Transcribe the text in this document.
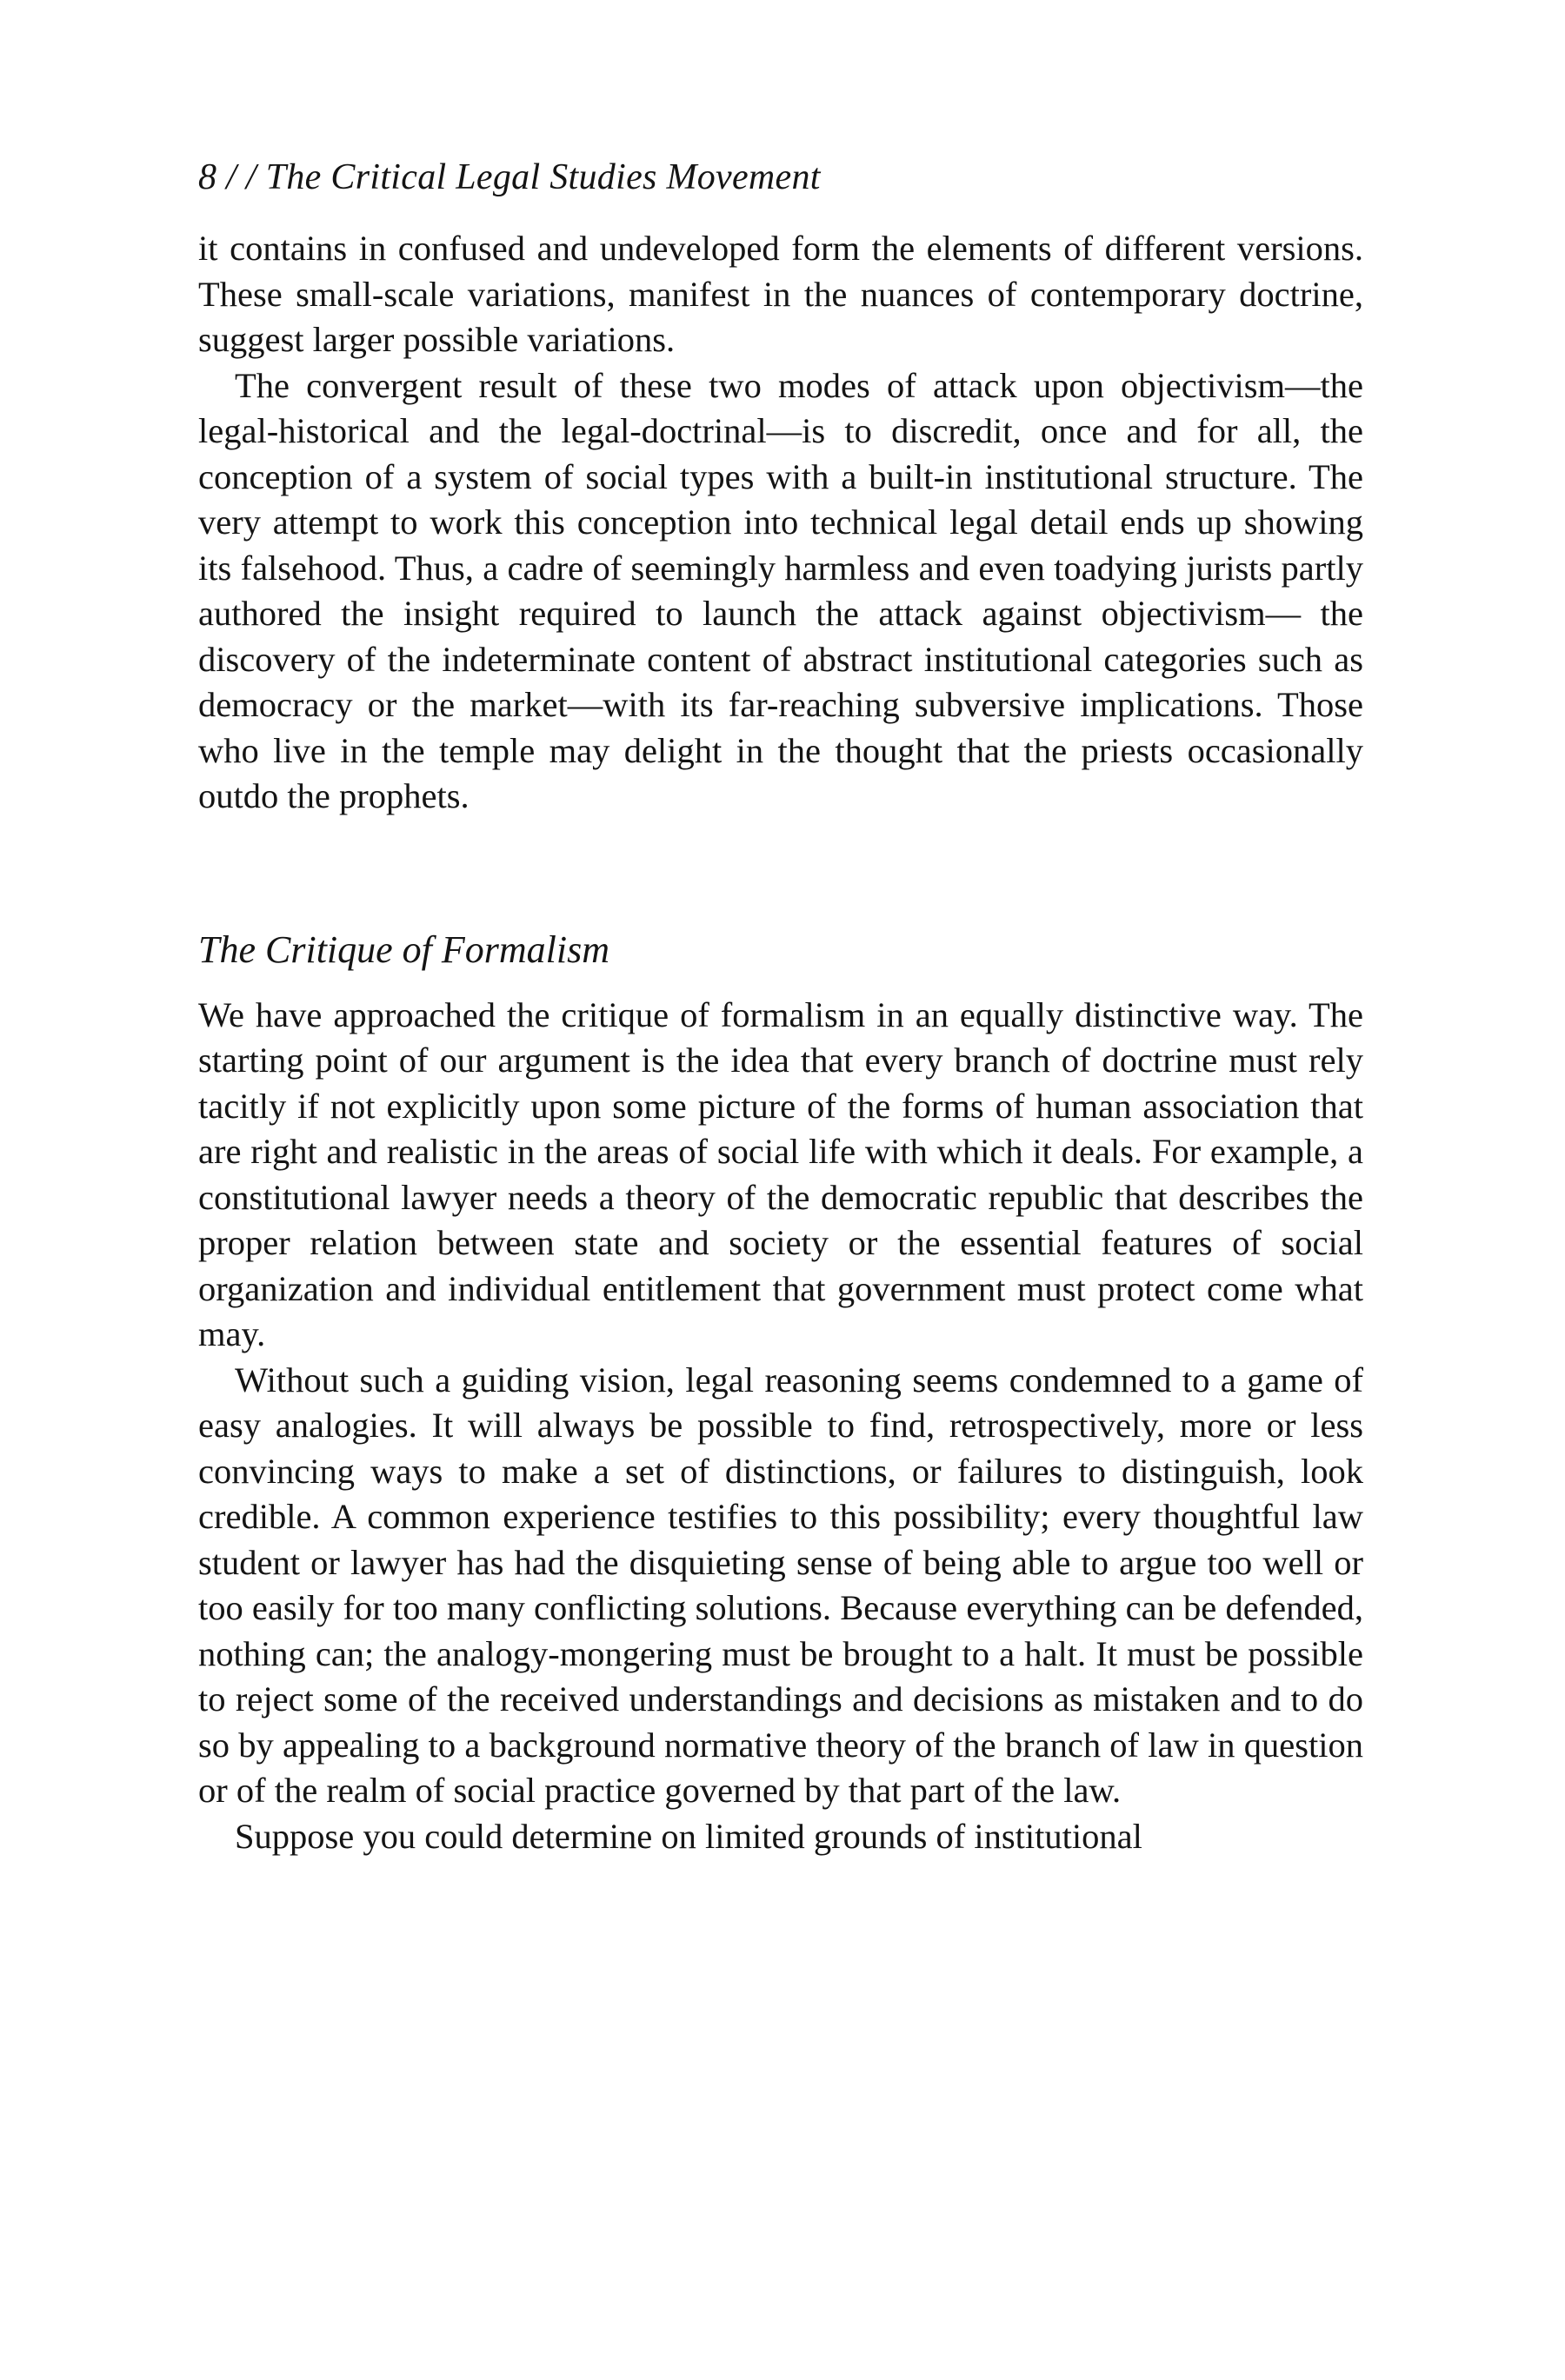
8 / / The Critical Legal Studies Movement

it contains in confused and undeveloped form the elements of different versions. These small-scale variations, manifest in the nuances of contemporary doctrine, suggest larger possible variations.

The convergent result of these two modes of attack upon objectivism—the legal-historical and the legal-doctrinal—is to discredit, once and for all, the conception of a system of social types with a built-in institutional structure. The very attempt to work this conception into technical legal detail ends up showing its falsehood. Thus, a cadre of seemingly harmless and even toadying jurists partly authored the insight required to launch the attack against objectivism— the discovery of the indeterminate content of abstract institutional categories such as democracy or the market—with its far-reaching subversive implications. Those who live in the temple may delight in the thought that the priests occasionally outdo the prophets.

The Critique of Formalism

We have approached the critique of formalism in an equally distinctive way. The starting point of our argument is the idea that every branch of doctrine must rely tacitly if not explicitly upon some picture of the forms of human association that are right and realistic in the areas of social life with which it deals. For example, a constitutional lawyer needs a theory of the democratic republic that describes the proper relation between state and society or the essential features of social organization and individual entitlement that government must protect come what may.

Without such a guiding vision, legal reasoning seems condemned to a game of easy analogies. It will always be possible to find, retrospectively, more or less convincing ways to make a set of distinctions, or failures to distinguish, look credible. A common experience testifies to this possibility; every thoughtful law student or lawyer has had the disquieting sense of being able to argue too well or too easily for too many conflicting solutions. Because everything can be defended, nothing can; the analogy-mongering must be brought to a halt. It must be possible to reject some of the received understandings and decisions as mistaken and to do so by appealing to a background normative theory of the branch of law in question or of the realm of social practice governed by that part of the law.

Suppose you could determine on limited grounds of institutional
